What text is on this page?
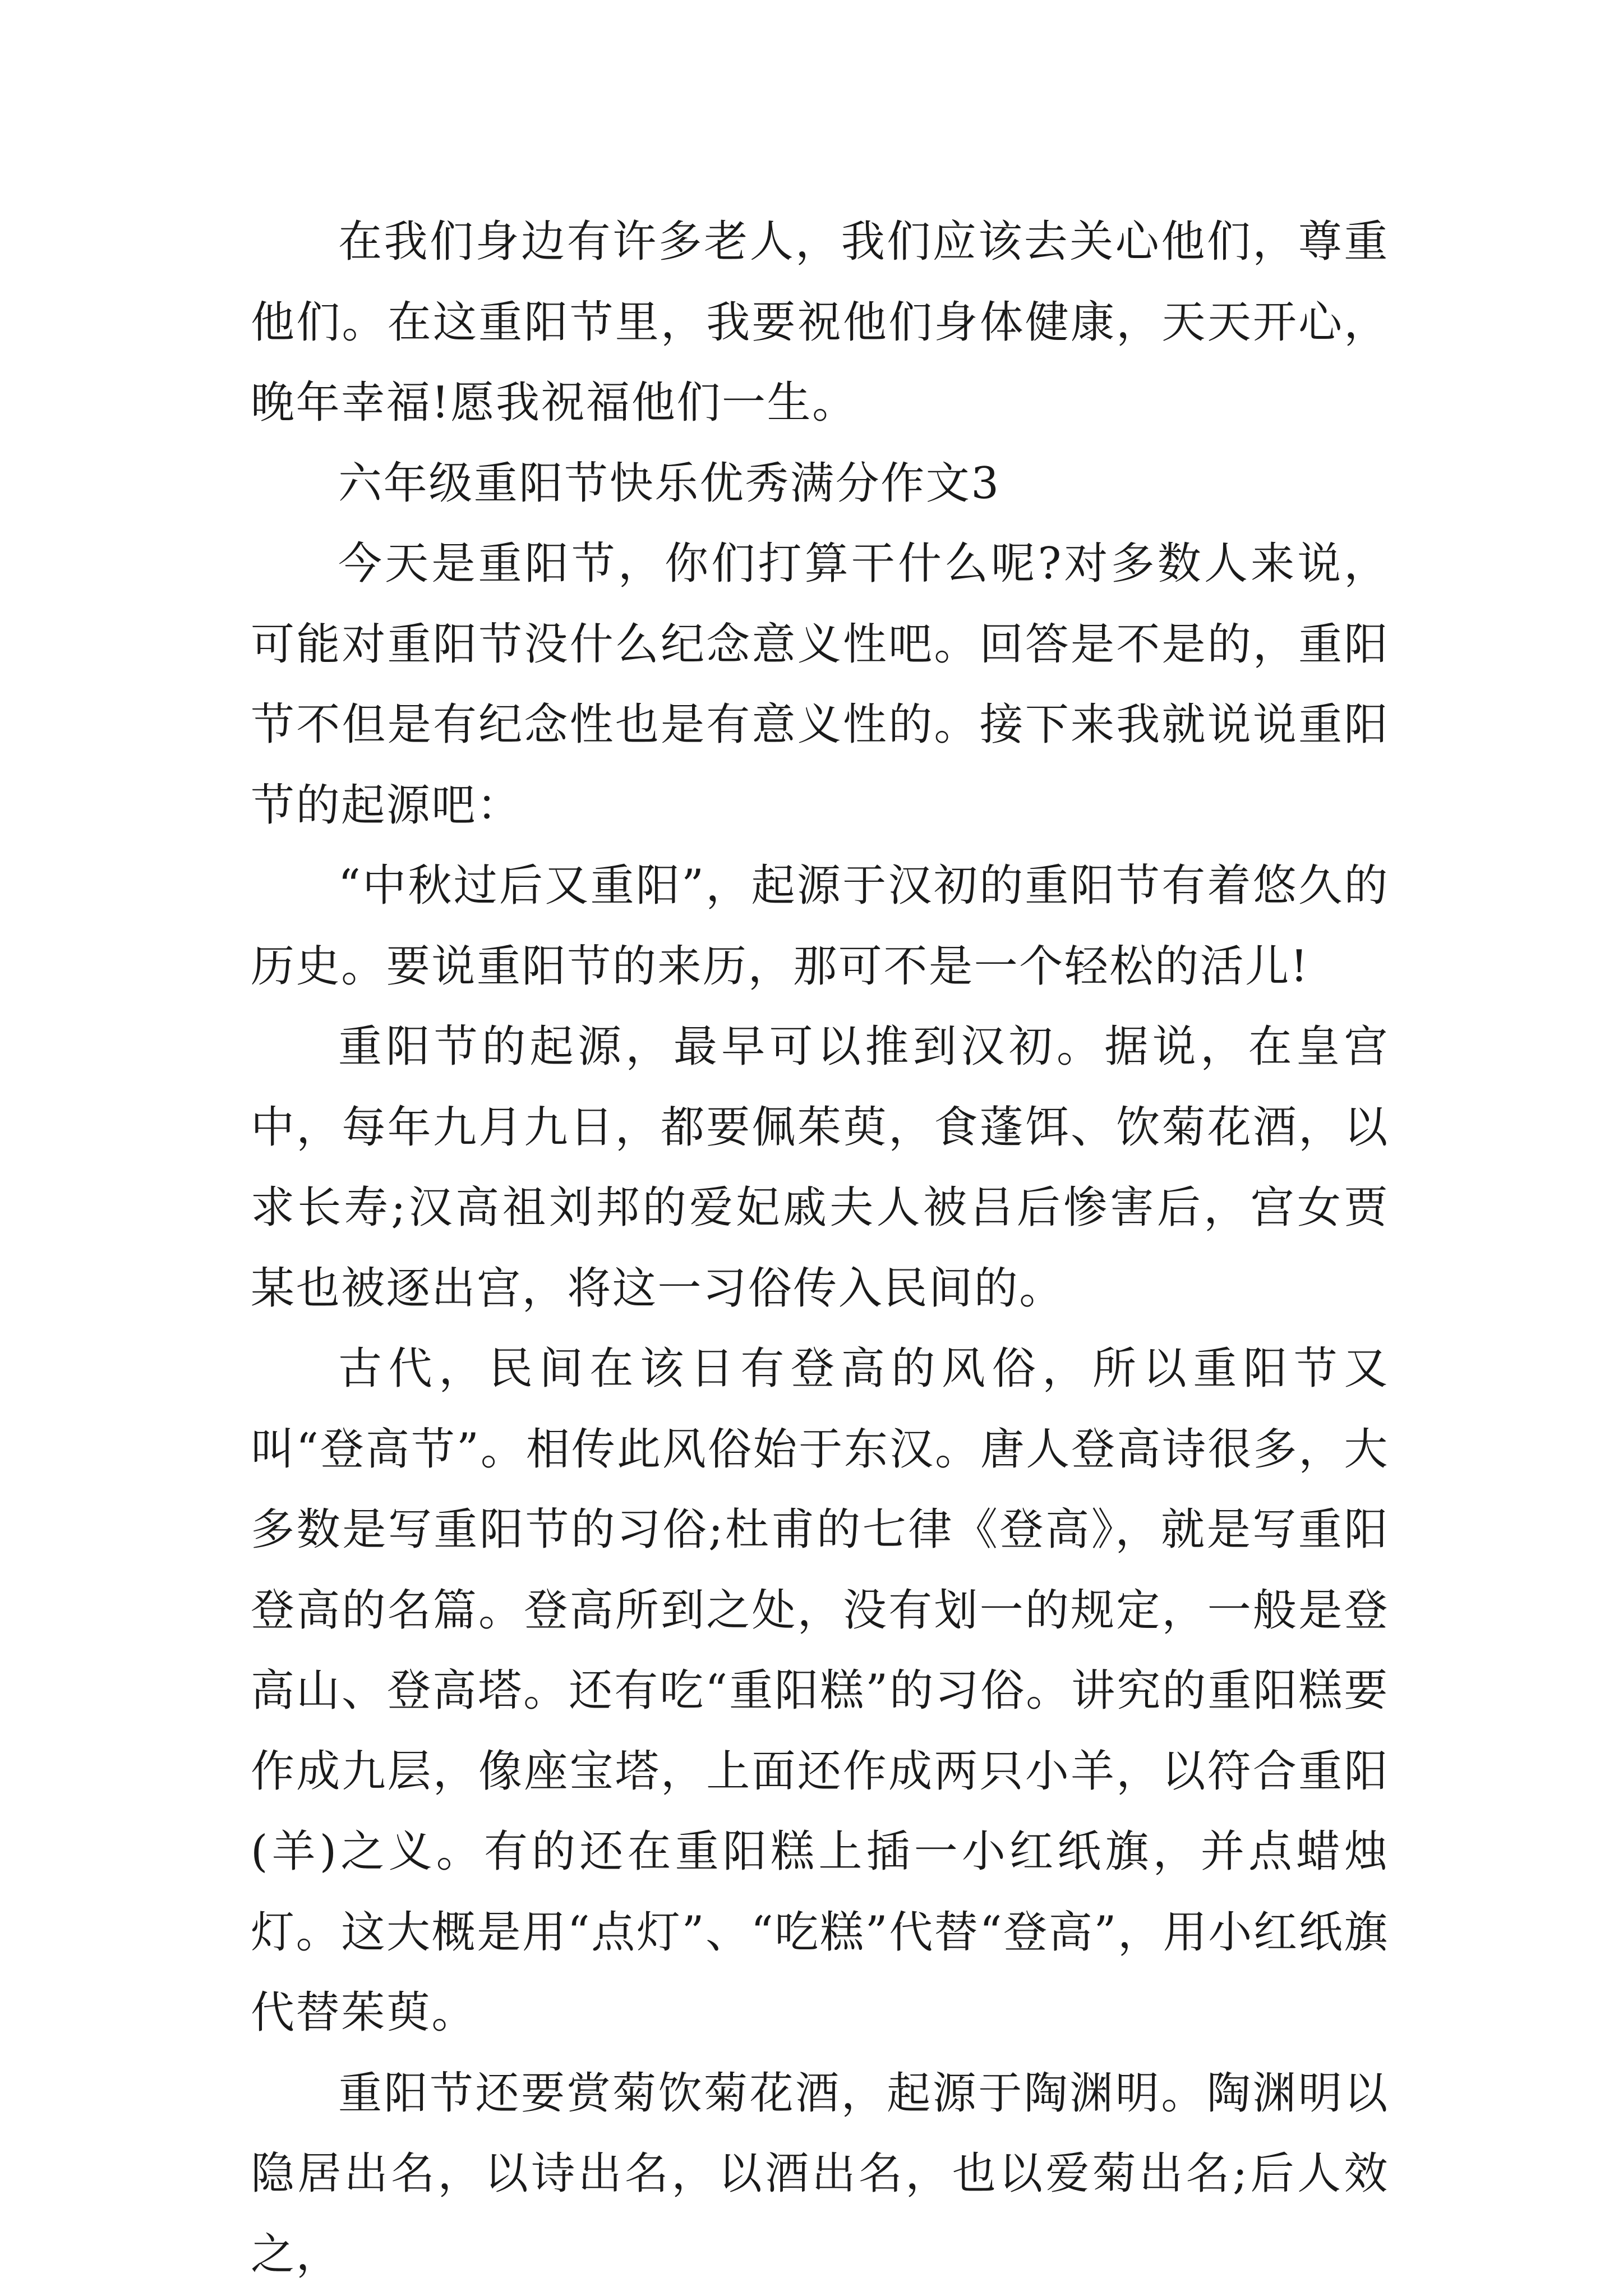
在我们身边有许多老人，我们应该去关心他们，尊重他们。在这重阳节里，我要祝他们身体健康，天天开心，晚年幸福!愿我祝福他们一生。

六年级重阳节快乐优秀满分作文3

今天是重阳节，你们打算干什么呢?对多数人来说，可能对重阳节没什么纪念意义性吧。回答是不是的，重阳节不但是有纪念性也是有意义性的。接下来我就说说重阳节的起源吧：

“中秋过后又重阳”，起源于汉初的重阳节有着悠久的历史。要说重阳节的来历，那可不是一个轻松的活儿!

重阳节的起源，最早可以推到汉初。据说，在皇宫中，每年九月九日，都要佩茱萸，食蓬饵、饮菊花酒，以求长寿;汉高祖刘邦的爱妃戚夫人被吕后惨害后，宫女贾某也被逐出宫，将这一习俗传入民间的。

古代，民间在该日有登高的风俗，所以重阳节又叫“登高节”。相传此风俗始于东汉。唐人登高诗很多，大多数是写重阳节的习俗;杜甫的七律《登高》，就是写重阳登高的名篇。登高所到之处，没有划一的规定，一般是登高山、登高塔。还有吃“重阳糕”的习俗。讲究的重阳糕要作成九层，像座宝塔，上面还作成两只小羊，以符合重阳(羊)之义。有的还在重阳糕上插一小红纸旗，并点蜡烛灯。这大概是用“点灯”、“吃糕”代替“登高”，用小红纸旗代替茱萸。

重阳节还要赏菊饮菊花酒，起源于陶渊明。陶渊明以隐居出名，以诗出名，以酒出名，也以爱菊出名;后人效之，
